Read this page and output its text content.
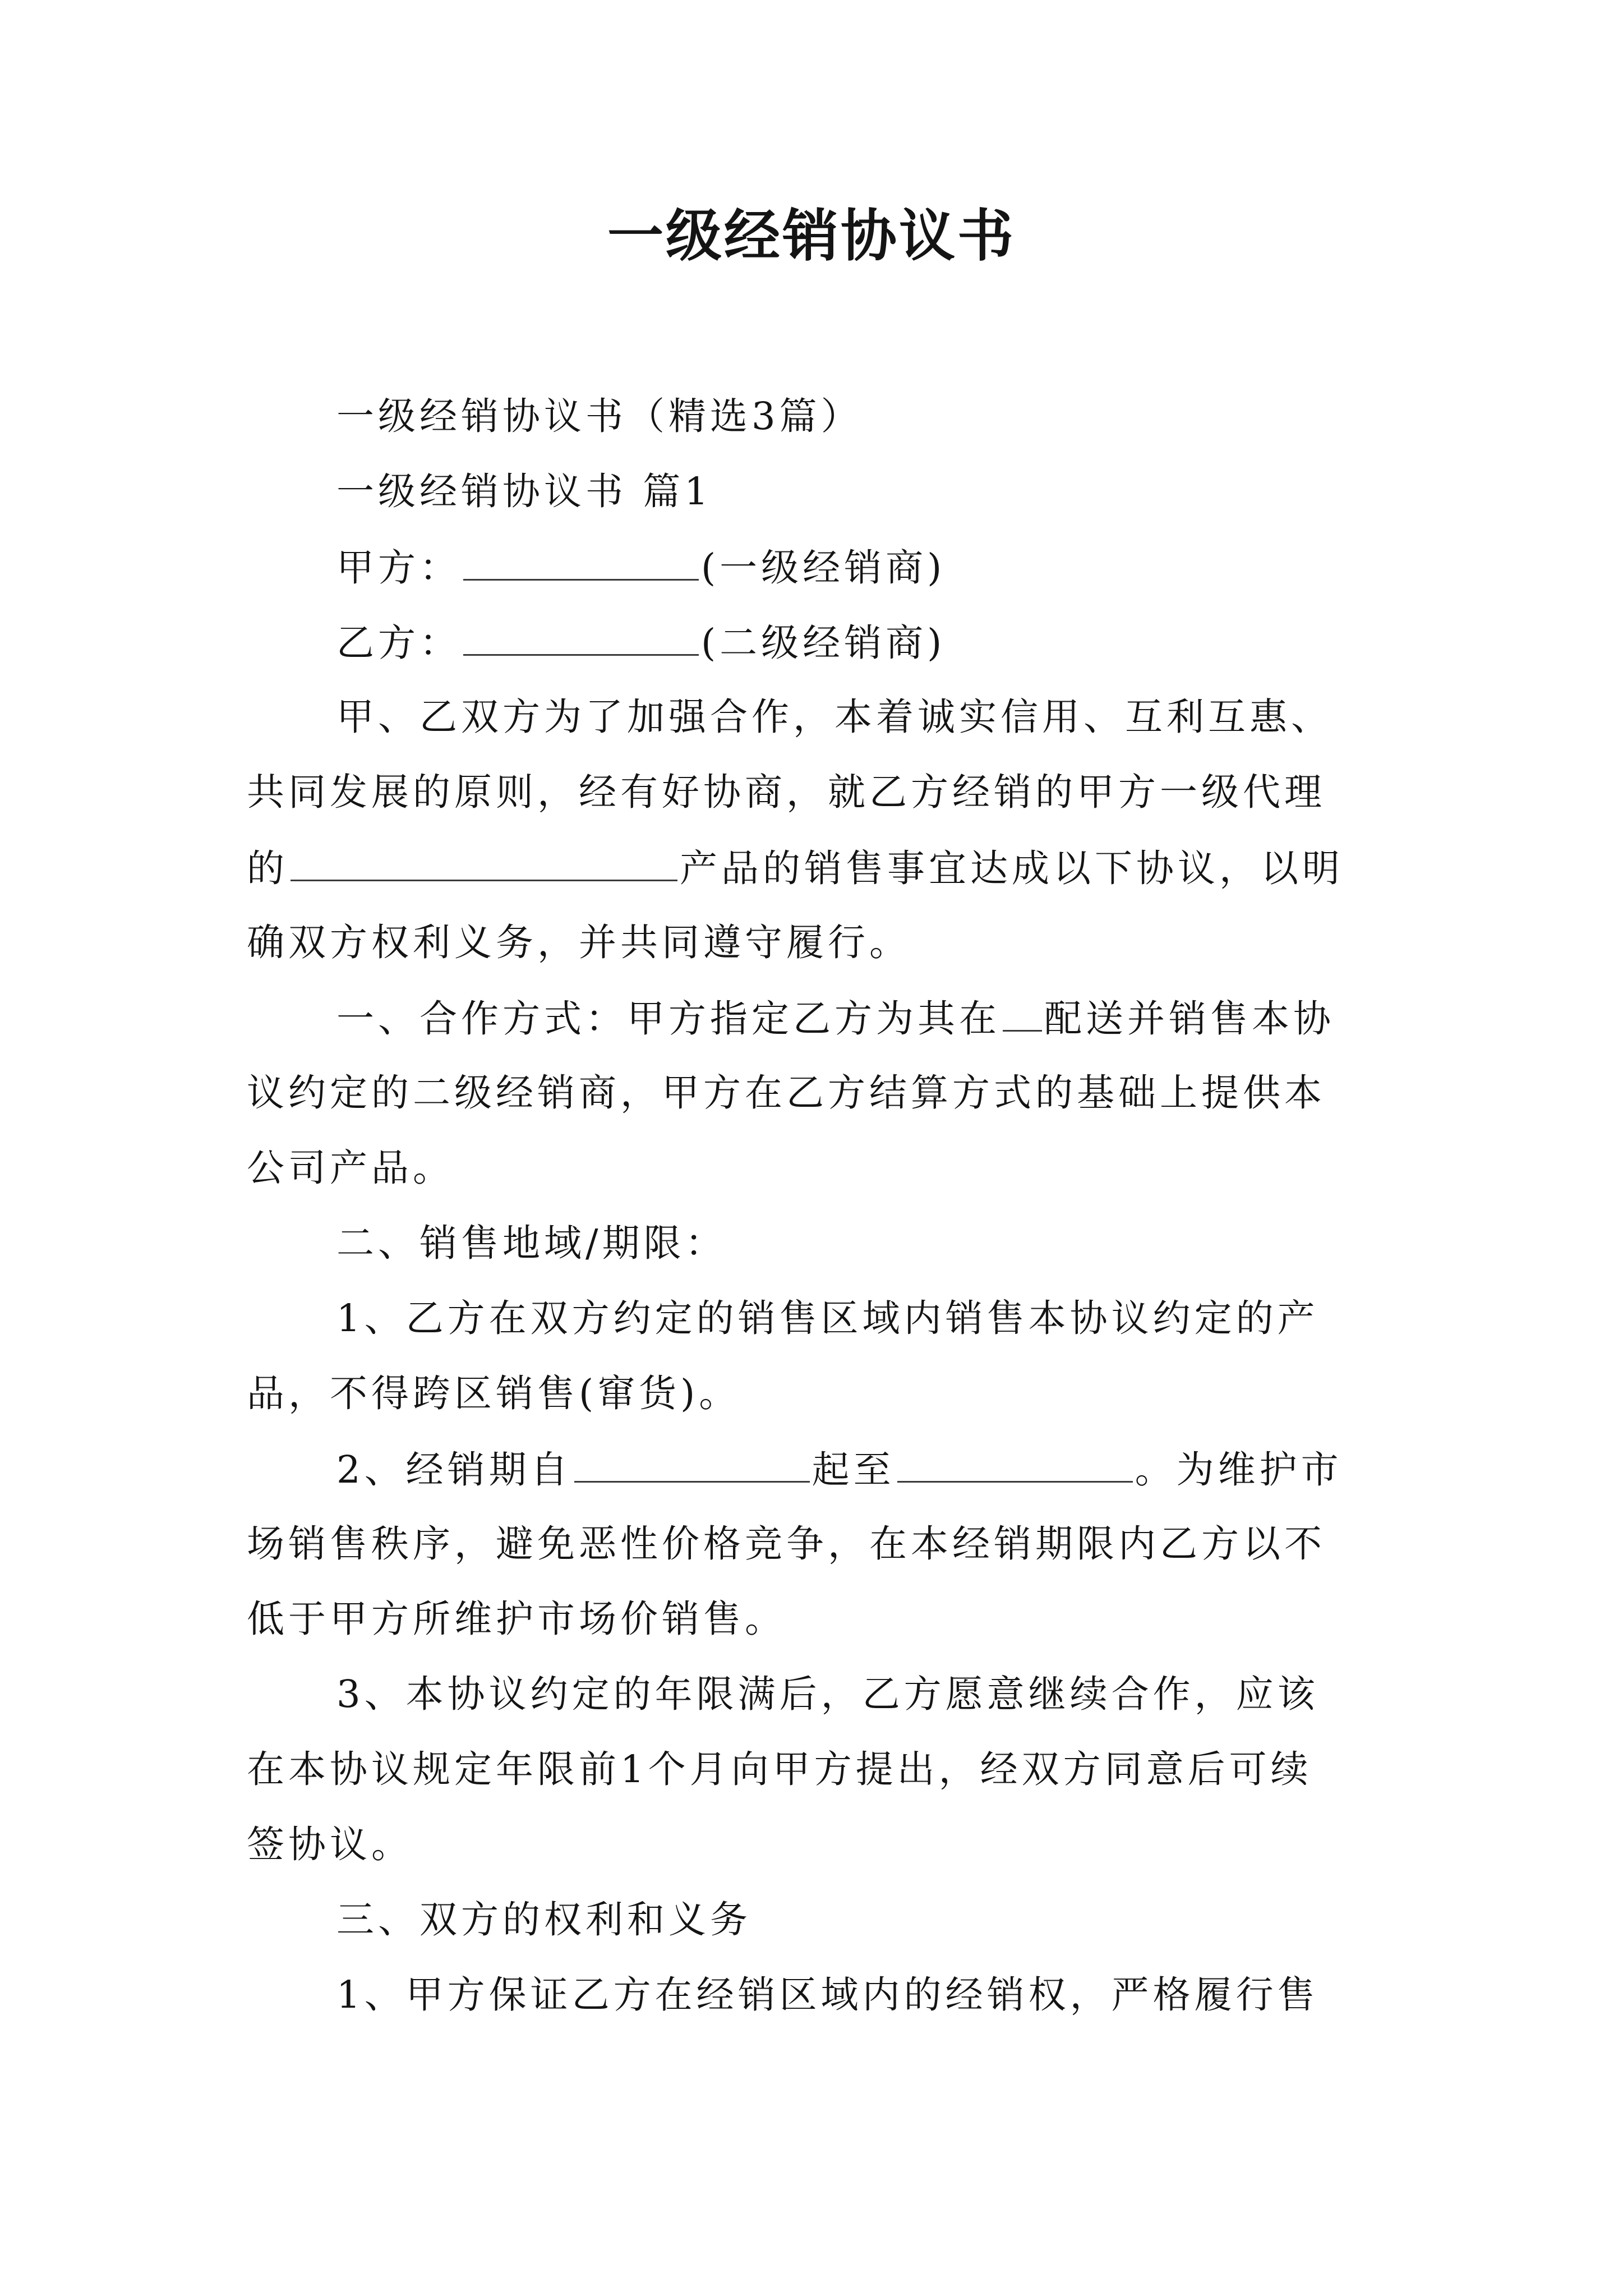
一级经销协议书
一级经销协议书（精选3篇）
一级经销协议书 篇1
甲方：	(一级经销商)
乙方：	(二级经销商)
甲、乙双方为了加强合作，本着诚实信用、互利互惠、
共同发展的原则，经有好协商，就乙方经销的甲方一级代理
的	产品的销售事宜达成以下协议，以明
确双方权利义务，并共同遵守履行。
一、合作方式：甲方指定乙方为其在 配送并销售本协
议约定的二级经销商，甲方在乙方结算方式的基础上提供本
公司产品。
二、销售地域/期限：
1、乙方在双方约定的销售区域内销售本协议约定的产
品，不得跨区销售(窜货)。
2、经销期自	起至	。为维护市
场销售秩序，避免恶性价格竞争，在本经销期限内乙方以不
低于甲方所维护市场价销售。
3、本协议约定的年限满后，乙方愿意继续合作，应该
在本协议规定年限前1个月向甲方提出，经双方同意后可续
签协议。
三、双方的权利和义务
1、甲方保证乙方在经销区域内的经销权，严格履行售
